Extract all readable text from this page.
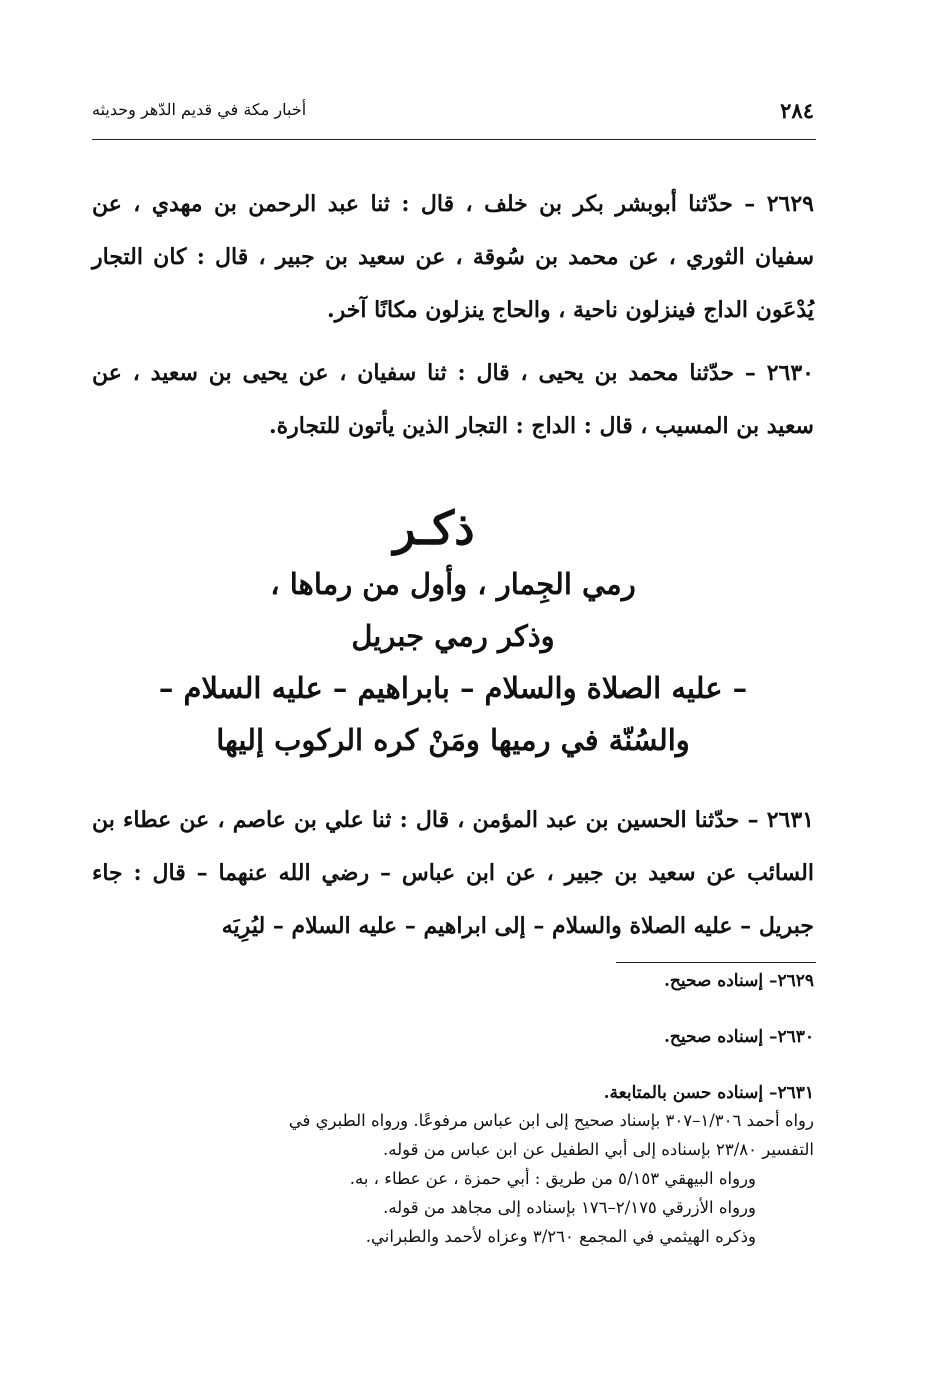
٢٨٤
أخبار مكة في قديم الدّهر وحديثه

٢٦٢٩ – حدّثنا أبوبشر بكر بن خلف ، قال : ثنا عبد الرحمن بن مهدي ، عن سفيان الثوري ، عن محمد بن سُوقة ، عن سعيد بن جبير ، قال : كان التجار يُدْعَون الداج فينزلون ناحية ، والحاج ينزلون مكانًا آخر.

٢٦٣٠ – حدّثنا محمد بن يحيى ، قال : ثنا سفيان ، عن يحيى بن سعيد ، عن سعيد بن المسيب ، قال : الداج : التجار الذين يأتون للتجارة.

ذكـر

رمي الجِمار ، وأول من رماها ،

وذكر رمي جبريل

– عليه الصلاة والسلام – بابراهيم – عليه السلام –

والسُنّة في رميها ومَنْ كره الركوب إليها

٢٦٣١ – حدّثنا الحسين بن عبد المؤمن ، قال : ثنا علي بن عاصم ، عن عطاء بن السائب عن سعيد بن جبير ، عن ابن عباس – رضي الله عنهما – قال : جاء جبريل – عليه الصلاة والسلام – إلى ابراهيم – عليه السلام – ليُرِيَه

٢٦٢٩– إسناده صحيح.

٢٦٣٠– إسناده صحيح.

٢٦٣١– إسناده حسن بالمتابعة.

رواه أحمد ١/٣٠٦–٣٠٧ بإسناد صحيح إلى ابن عباس مرفوعًا. ورواه الطبري في

التفسير ٢٣/٨٠ بإسناده إلى أبي الطفيل عن ابن عباس من قوله.

ورواه البيهقي ٥/١٥٣ من طريق : أبي حمزة ، عن عطاء ، به.

ورواه الأزرقي ٢/١٧٥–١٧٦ بإسناده إلى مجاهد من قوله.

وذكره الهيثمي في المجمع ٣/٢٦٠ وعزاه لأحمد والطبراني.
